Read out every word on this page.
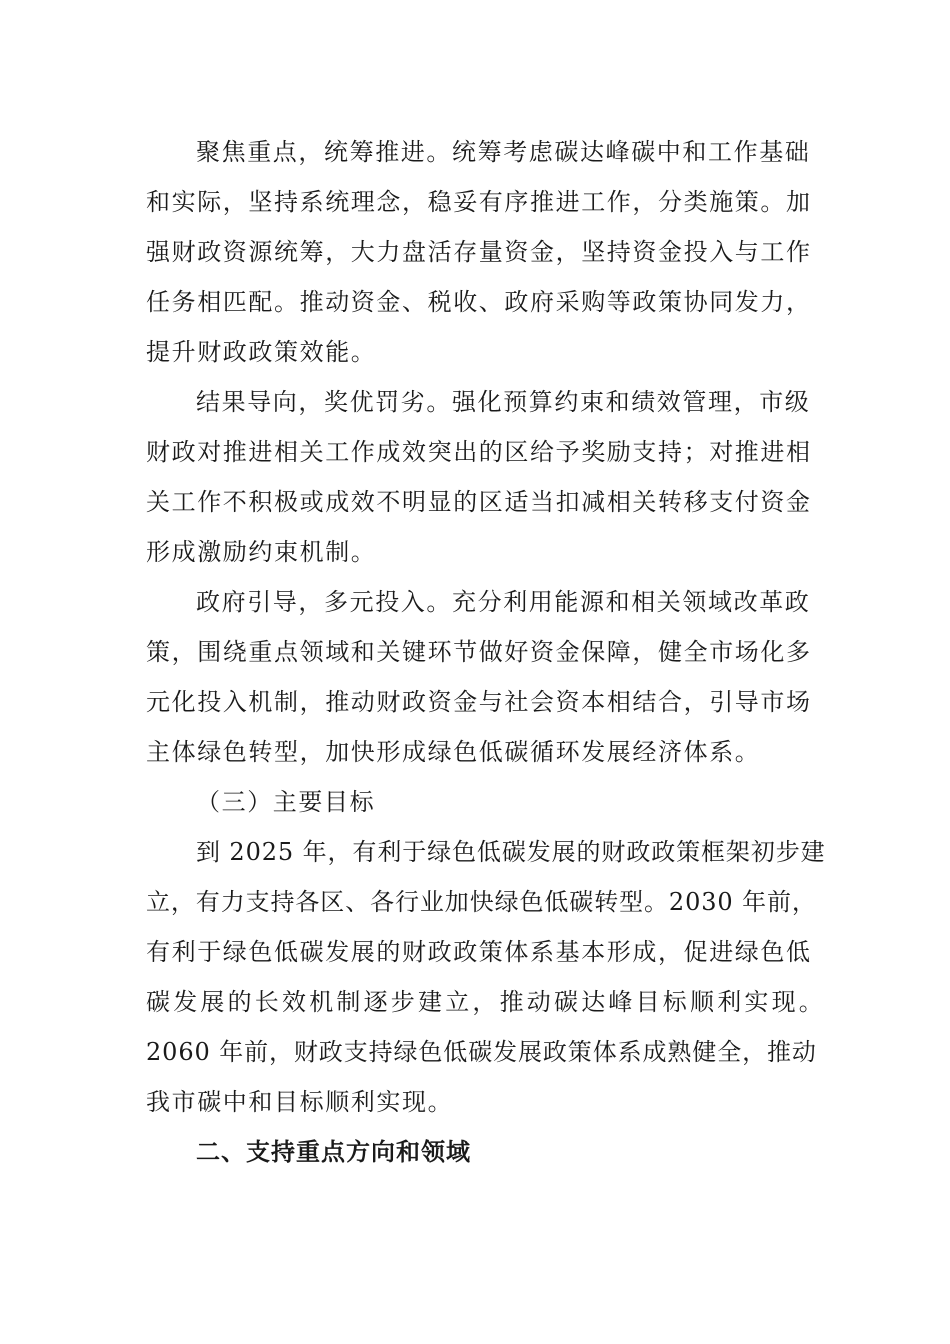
聚焦重点，统筹推进。统筹考虑碳达峰碳中和工作基础
和实际，坚持系统理念，稳妥有序推进工作，分类施策。加
强财政资源统筹，大力盘活存量资金，坚持资金投入与工作
任务相匹配。推动资金、税收、政府采购等政策协同发力，
提升财政政策效能。
结果导向，奖优罚劣。强化预算约束和绩效管理，市级
财政对推进相关工作成效突出的区给予奖励支持；对推进相
关工作不积极或成效不明显的区适当扣减相关转移支付资金
形成激励约束机制。
政府引导，多元投入。充分利用能源和相关领域改革政
策，围绕重点领域和关键环节做好资金保障，健全市场化多
元化投入机制，推动财政资金与社会资本相结合，引导市场
主体绿色转型，加快形成绿色低碳循环发展经济体系。
（三）主要目标
到 2025 年，有利于绿色低碳发展的财政政策框架初步建
立，有力支持各区、各行业加快绿色低碳转型。2030 年前，
有利于绿色低碳发展的财政政策体系基本形成，促进绿色低
碳发展的长效机制逐步建立，推动碳达峰目标顺利实现。
2060 年前，财政支持绿色低碳发展政策体系成熟健全，推动
我市碳中和目标顺利实现。
二、支持重点方向和领域
